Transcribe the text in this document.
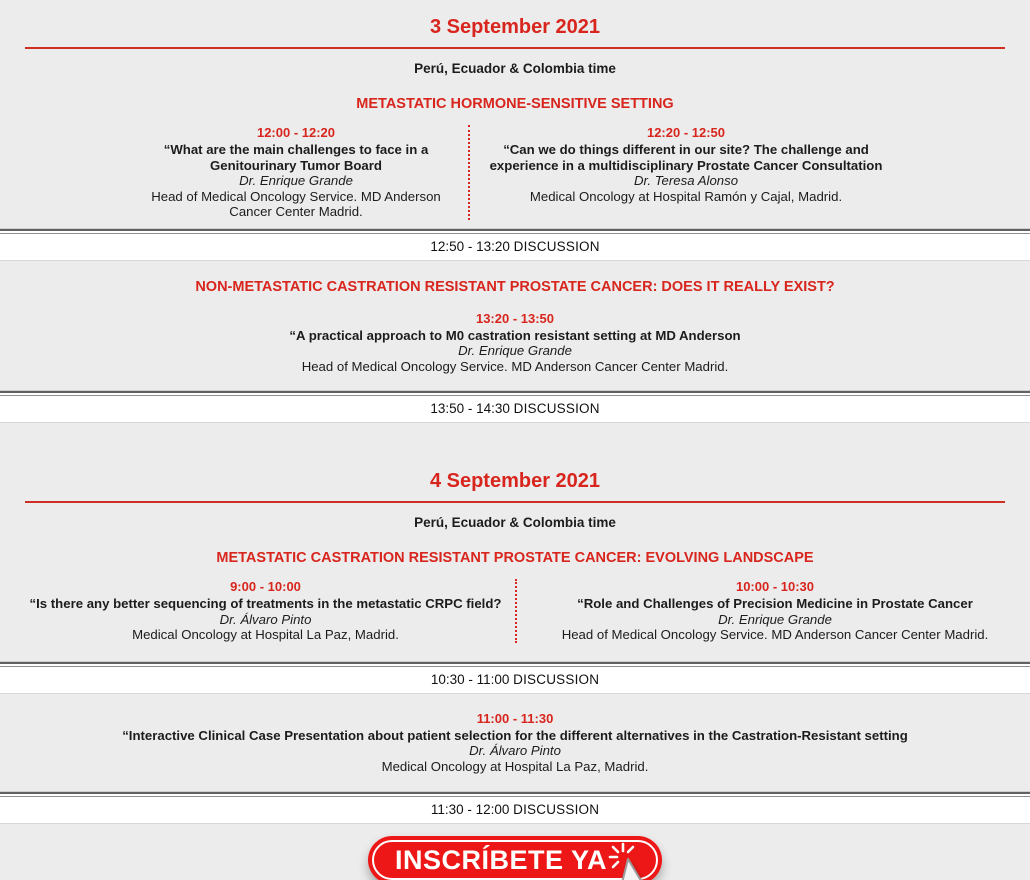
3 September 2021

Perú, Ecuador & Colombia time

METASTATIC HORMONE-SENSITIVE SETTING
12:00 - 12:20
“What are the main challenges to face in a Genitourinary Tumor Board
Dr. Enrique Grande
Head of Medical Oncology Service. MD Anderson Cancer Center Madrid.
12:20 - 12:50
“Can we do things different in our site? The challenge and experience in a multidisciplinary Prostate Cancer Consultation
Dr. Teresa Alonso
Medical Oncology at Hospital Ramón y Cajal, Madrid.
12:50 - 13:20 DISCUSSION
NON-METASTATIC CASTRATION RESISTANT PROSTATE CANCER: DOES IT REALLY EXIST?
13:20 - 13:50
“A practical approach to M0 castration resistant setting at MD Anderson
Dr. Enrique Grande
Head of Medical Oncology Service. MD Anderson Cancer Center Madrid.
13:50 - 14:30 DISCUSSION
4 September 2021

Perú, Ecuador & Colombia time

METASTATIC CASTRATION RESISTANT PROSTATE CANCER: EVOLVING LANDSCAPE
9:00 - 10:00
“Is there any better sequencing of treatments in the metastatic CRPC field?
Dr. Álvaro Pinto
Medical Oncology at Hospital La Paz, Madrid.
10:00 - 10:30
“Role and Challenges of Precision Medicine in Prostate Cancer
Dr. Enrique Grande
Head of Medical Oncology Service. MD Anderson Cancer Center Madrid.
10:30 - 11:00 DISCUSSION
11:00 - 11:30
“Interactive Clinical Case Presentation about patient selection for the different alternatives in the Castration-Resistant setting
Dr. Álvaro Pinto
Medical Oncology at Hospital La Paz, Madrid.
11:30 - 12:00 DISCUSSION
INSCRÍBETE YA
